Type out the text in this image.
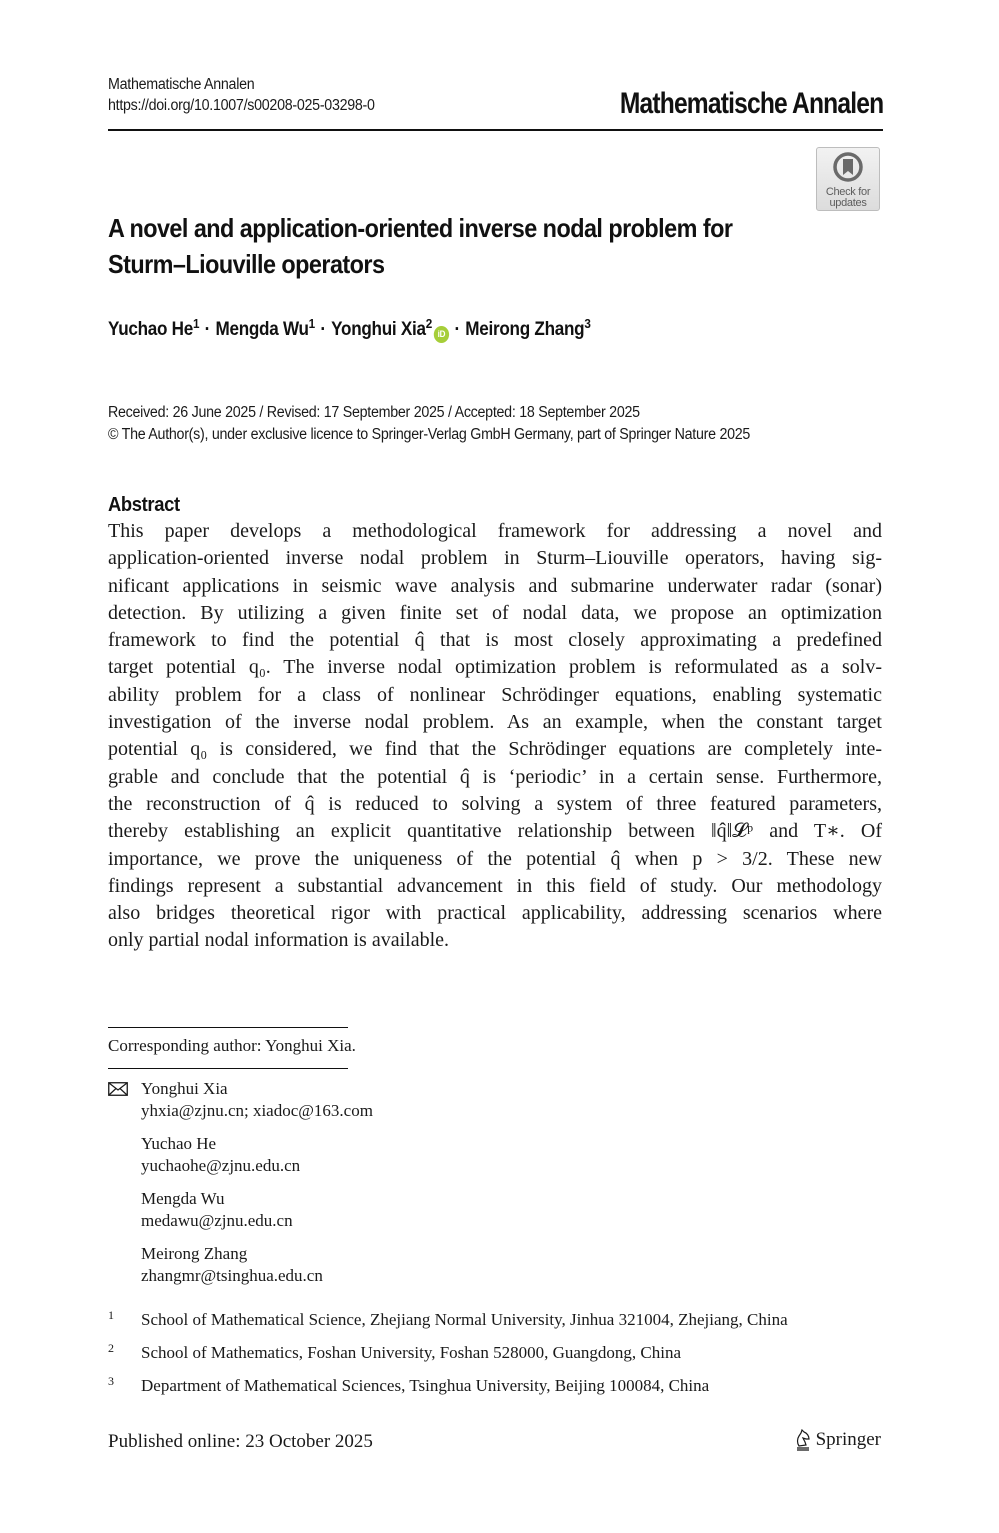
Mathematische Annalen
https://doi.org/10.1007/s00208-025-03298-0	Mathematische Annalen
Check for
updates
A novel and application-oriented inverse nodal problem for
Sturm–Liouville operators
Yuchao $He^1$ · Mengda $Wu^1$ · Yonghui Xia$^2$iD · Meirong Zhang$^3$
Received: 26 June 2025 / Revised: 17 September 2025 / Accepted: 18 September 2025
© The Author(s), under exclusive licence to Springer-Verlag GmbH Germany, part of Springer Nature 2025
Abstract
This paper develops a methodological framework for addressing a novel and
application-oriented inverse nodal problem in Sturm–Liouville operators, having sig-
nificant applications in seismic wave analysis and submarine underwater radar (sonar)
detection. By utilizing a given finite set of nodal data, we propose an optimization
framework to find the potential q̂ that is most closely approximating a predefined
target potential q₀. The inverse nodal optimization problem is reformulated as a solv-
ability problem for a class of nonlinear Schrödinger equations, enabling systematic
investigation of the inverse nodal problem. As an example, when the constant target
potential q₀ is considered, we find that the Schrödinger equations are completely inte-
grable and conclude that the potential q̂ is ‘periodic’ in a certain sense. Furthermore,
the reconstruction of q̂ is reduced to solving a system of three featured parameters,
thereby establishing an explicit quantitative relationship between ‖q̂‖𝓛ᵖ and T∗. Of
importance, we prove the uniqueness of the potential q̂ when p > 3/2. These new
findings represent a substantial advancement in this field of study. Our methodology
also bridges theoretical rigor with practical applicability, addressing scenarios where
only partial nodal information is available.
Corresponding author: Yonghui Xia.
Yonghui Xia
yhxia@zjnu.cn; xiadoc@163.com
Yuchao He
yuchaohe@zjnu.edu.cn
Mengda Wu
medawu@zjnu.edu.cn
Meirong Zhang
zhangmr@tsinghua.edu.cn
1 School of Mathematical Science, Zhejiang Normal University, Jinhua 321004, Zhejiang, China
2 School of Mathematics, Foshan University, Foshan 528000, Guangdong, China
3 Department of Mathematical Sciences, Tsinghua University, Beijing 100084, China
Published online: 23 October 2025	Springer
